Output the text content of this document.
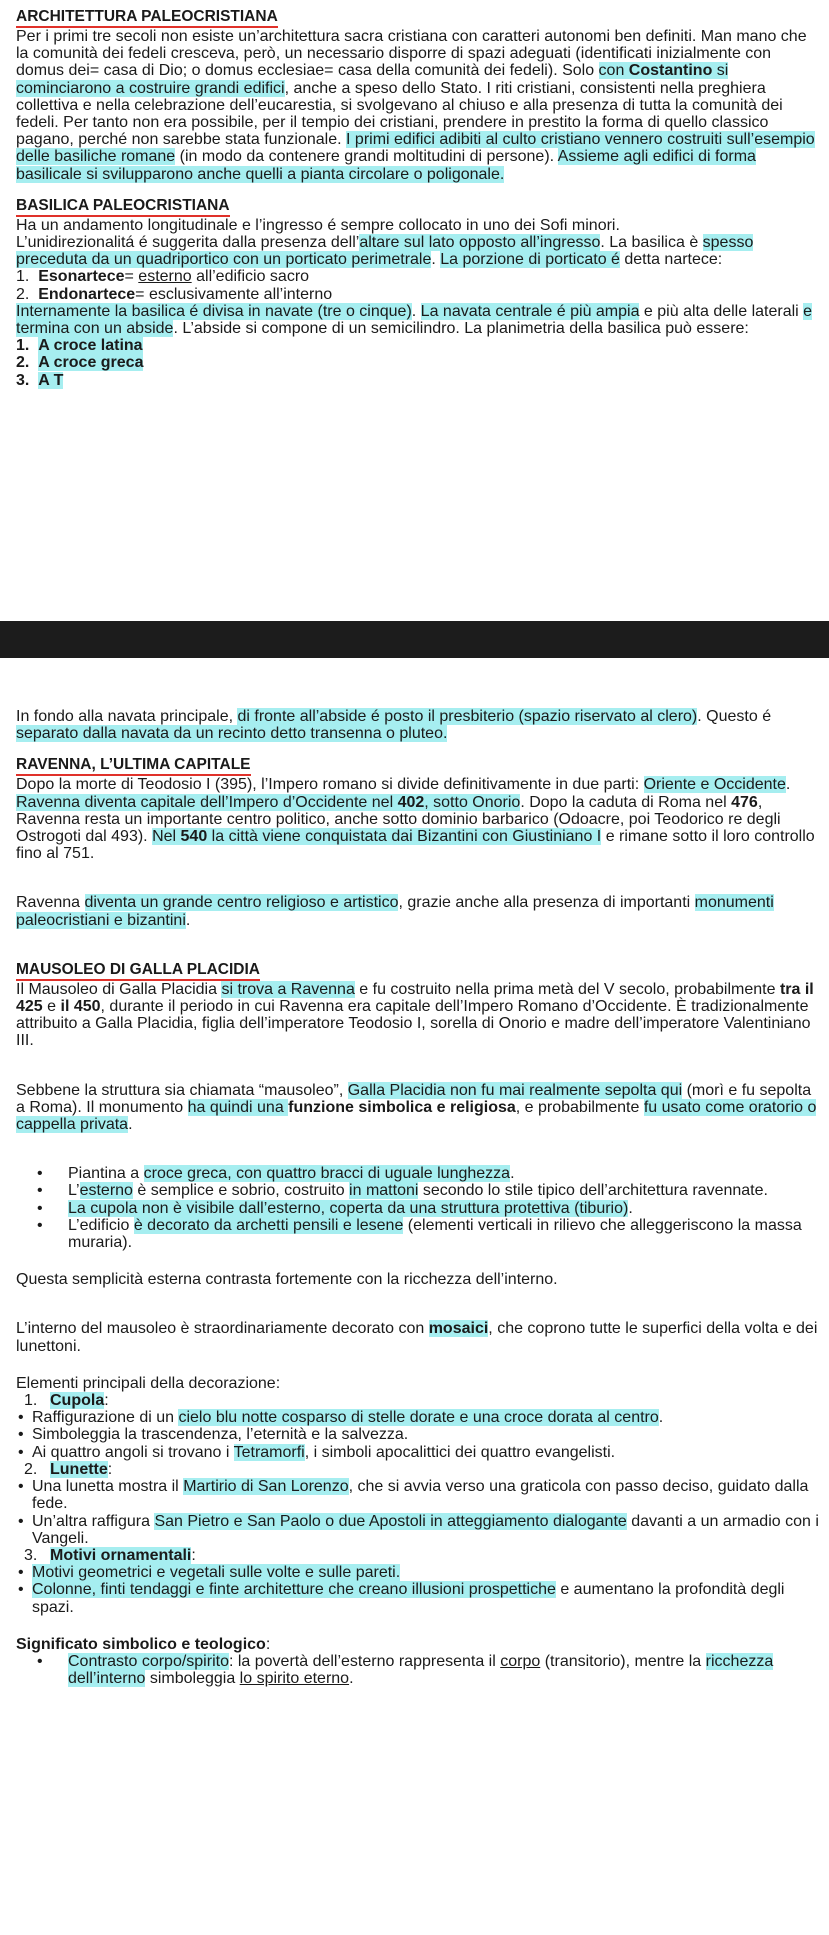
ARCHITETTURA PALEOCRISTIANA

Per i primi tre secoli non esiste un’architettura sacra cristiana con caratteri autonomi ben definiti. Man mano che la comunità dei fedeli cresceva, però, un necessario disporre di spazi adeguati (identificati inizialmente con domus dei= casa di Dio; o domus ecclesiae= casa della comunità dei fedeli). Solo con Costantino si cominciarono a costruire grandi edifici, anche a speso dello Stato. I riti cristiani, consistenti nella preghiera collettiva e nella celebrazione dell’eucarestia, si svolgevano al chiuso e alla presenza di tutta la comunità dei fedeli. Per tanto non era possibile, per il tempio dei cristiani, prendere in prestito la forma di quello classico pagano, perché non sarebbe stata funzionale. I primi edifici adibiti al culto cristiano vennero costruiti sull’esempio delle basiliche romane (in modo da contenere grandi moltitudini di persone). Assieme agli edifici di forma basilicale si svilupparono anche quelli a pianta circolare o poligonale.

BASILICA PALEOCRISTIANA

Ha un andamento longitudinale e l’ingresso é sempre collocato in uno dei Sofi minori.

L’unidirezionalitá é suggerita dalla presenza dell’altare sul lato opposto all’ingresso. La basilica è spesso preceduta da un quadriportico con un porticato perimetrale. La porzione di porticato é detta nartece:

1. Esonartece= esterno all’edificio sacro
2. Endonartece= esclusivamente all’interno

Internamente la basilica é divisa in navate (tre o cinque). La navata centrale é più ampia e più alta delle laterali e termina con un abside. L’abside si compone di un semicilindro. La planimetria della basilica può essere:

1. A croce latina
2. A croce greca
3. A T

In fondo alla navata principale, di fronte all’abside é posto il presbiterio (spazio riservato al clero). Questo é separato dalla navata da un recinto detto transenna o pluteo.

RAVENNA, L’ULTIMA CAPITALE

Dopo la morte di Teodosio I (395), l’Impero romano si divide definitivamente in due parti: Oriente e Occidente. Ravenna diventa capitale dell’Impero d’Occidente nel 402, sotto Onorio. Dopo la caduta di Roma nel 476, Ravenna resta un importante centro politico, anche sotto dominio barbarico (Odoacre, poi Teodorico re degli Ostrogoti dal 493). Nel 540 la città viene conquistata dai Bizantini con Giustiniano I e rimane sotto il loro controllo fino al 751.

Ravenna diventa un grande centro religioso e artistico, grazie anche alla presenza di importanti monumenti paleocristiani e bizantini.

MAUSOLEO DI GALLA PLACIDIA

Il Mausoleo di Galla Placidia si trova a Ravenna e fu costruito nella prima metà del V secolo, probabilmente tra il 425 e il 450, durante il periodo in cui Ravenna era capitale dell’Impero Romano d’Occidente. È tradizionalmente attribuito a Galla Placidia, figlia dell’imperatore Teodosio I, sorella di Onorio e madre dell’imperatore Valentiniano III.

Sebbene la struttura sia chiamata “mausoleo”, Galla Placidia non fu mai realmente sepolta qui (morì e fu sepolta a Roma). Il monumento ha quindi una funzione simbolica e religiosa, e probabilmente fu usato come oratorio o cappella privata.

• Piantina a croce greca, con quattro bracci di uguale lunghezza.
• L’esterno è semplice e sobrio, costruito in mattoni secondo lo stile tipico dell’architettura ravennate.
• La cupola non è visibile dall’esterno, coperta da una struttura protettiva (tiburio).
• L’edificio è decorato da archetti pensili e lesene (elementi verticali in rilievo che alleggeriscono la massa muraria).

Questa semplicità esterna contrasta fortemente con la ricchezza dell’interno.

L’interno del mausoleo è straordinariamente decorato con mosaici, che coprono tutte le superfici della volta e dei lunettoni.

Elementi principali della decorazione:

1. Cupola:
• Raffigurazione di un cielo blu notte cosparso di stelle dorate e una croce dorata al centro.
• Simboleggia la trascendenza, l’eternità e la salvezza.
• Ai quattro angoli si trovano i Tetramorfi, i simboli apocalittici dei quattro evangelisti.
2. Lunette:
• Una lunetta mostra il Martirio di San Lorenzo, che si avvia verso una graticola con passo deciso, guidato dalla fede.
• Un’altra raffigura San Pietro e San Paolo o due Apostoli in atteggiamento dialogante davanti a un armadio con i Vangeli.
3. Motivi ornamentali:
• Motivi geometrici e vegetali sulle volte e sulle pareti.
• Colonne, finti tendaggi e finte architetture che creano illusioni prospettiche e aumentano la profondità degli spazi.

Significato simbolico e teologico:

• Contrasto corpo/spirito: la povertà dell’esterno rappresenta il corpo (transitorio), mentre la ricchezza dell’interno simboleggia lo spirito eterno.
